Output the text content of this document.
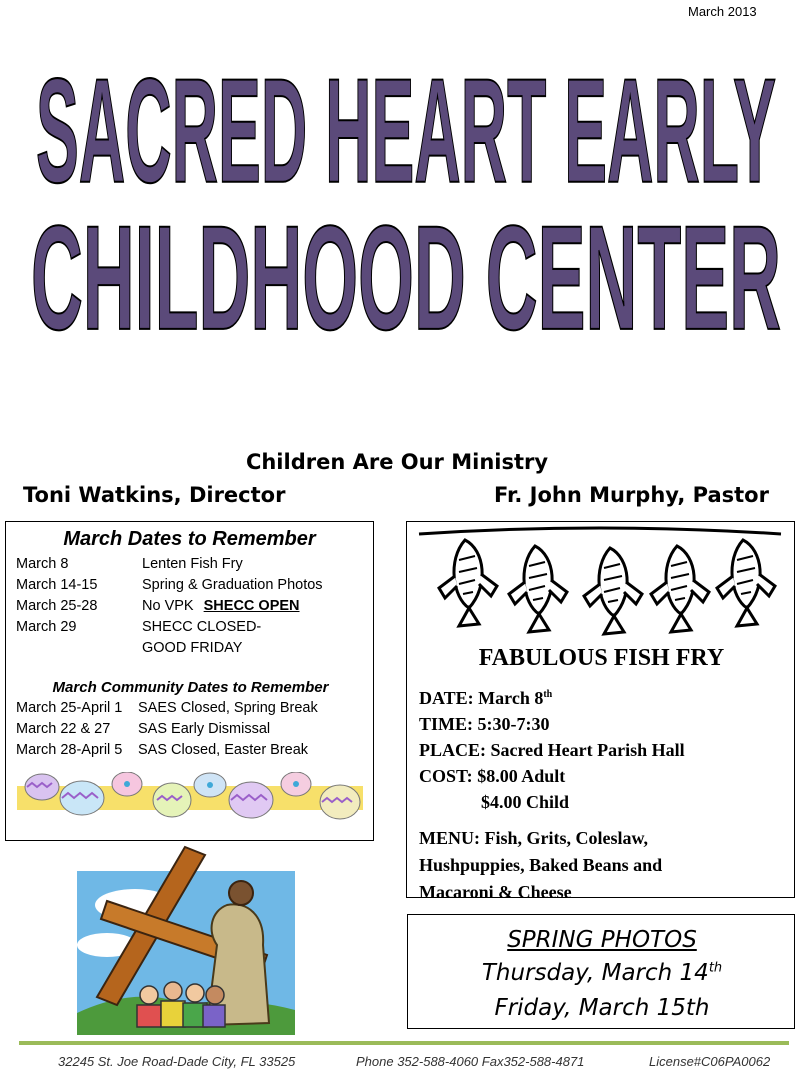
March 2013
SACRED HEART EARLY
CHILDHOOD CENTER
Children Are Our Ministry
Toni Watkins, Director	Fr. John Murphy, Pastor
March Dates to Remember
March 8	Lenten Fish Fry
March 14-15	Spring & Graduation Photos
March 25-28	No VPK SHECC OPEN
March 29	SHECC CLOSED-
GOOD FRIDAY
March Community Dates to Remember
March 25-April 1 SAES Closed, Spring Break
March 22 & 27 SAS Early Dismissal
March 28-April 5 SAS Closed, Easter Break
FABULOUS FISH FRY
DATE: March 8th
TIME: 5:30-7:30
PLACE: Sacred Heart Parish Hall
COST: $8.00 Adult
$4.00 Child
MENU: Fish, Grits, Coleslaw,
Hushpuppies, Baked Beans and
Macaroni & Cheese
SPRING PHOTOS
Thursday, March 14th
Friday, March 15th
32245 St. Joe Road-Dade City, FL 33525	Phone 352-588-4060 Fax352-588-4871	License#C06PA0062
